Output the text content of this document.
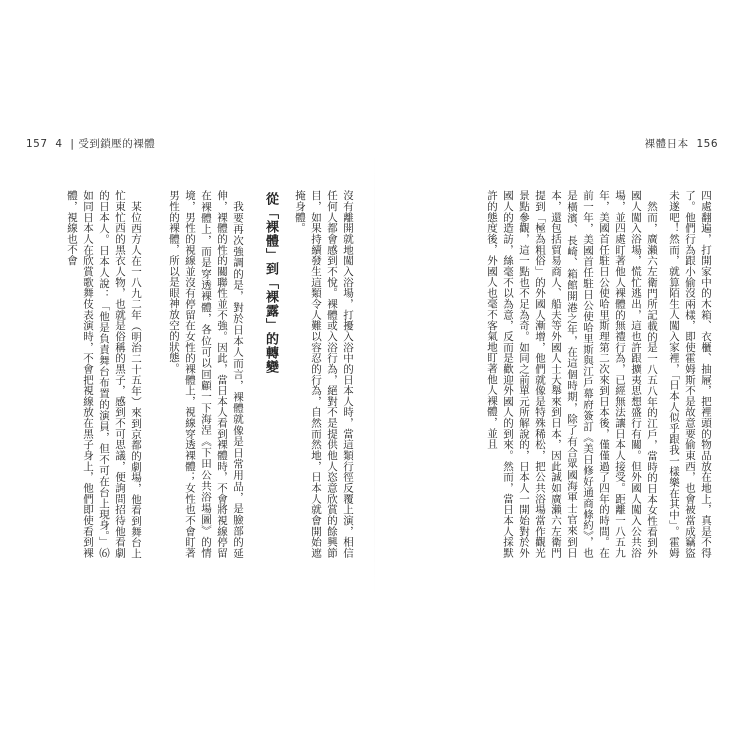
157 4 | 受到鎖壓的裸體	裸體日本 156
四處翻遍，打開家中的木箱、衣櫃、抽屜，把裡頭的物品放在地上，真是不得了。他們行為跟小偷沒兩樣，即使霍姆斯不是故意要偷東西，也會被當成竊盜未遂吧！然而，就算陌生人闖入家裡，「日本人似乎跟我一樣樂在其中」。霍姆
然而，廣瀨六左衛門所記載的是一八五八年的江戶，當時的日本女性看到外國人闖入浴場，慌忙逃出，這也許跟擴夷思想盛行有關。但外國人闖入公共浴場，並四處盯著他人裸體的無禮行為，已經無法讓日本人接受。距離一八五九年，美國首任駐日公使哈里斯理第二次來到日本後，僅僅過了四年的時間。在前一年，美國首任駐日公使哈里斯與江戶幕府簽訂《美日修好通商條約》，也是橫濱、長崎、箱館開港之年，在這個時期，除了有合眾國海軍士官來到日本，還包括貿易商人、船夫等外國人士大舉來到日本，因此誠如廣瀨六左衛門提到「極為粗俗」的外國人漸增，他們就像是特殊稀松，把公共浴場當作觀光景點參觀，這一點也不足為奇。如同之前單元所解說的，日本人一開始對於外國人的造訪，絲毫不以為意，反而是歡迎外國人的到來。然而，當日本人採默許的態度後，外國人也毫不客氣地盯著他人裸體，並且
沒有離開就地闖入浴場，打擾入浴中的日本人時，當這類行徑反覆上演，相信任何人都會感到不悅。裸體或入浴行為，絕對不是提供他人恣意欣賞的餘興節目，如果持續發生這類令人難以容忍的行為，自然而然地，日本人就會開始遮掩身體。
從「裸體」到「裸露」的轉變
我要再次強調的是，對於日本人而言，裸體就像是日常用品，是臉部的延伸，裸體的性的關聯性並不強。因此，當日本人看到裸體時，不會將視線停留在裸體上，而是穿透裸體，各位可以回顧一下海涅《下田公共浴場圖》的情境，男性的視線並沒有停留在女性的裸體上，視線穿透裸體；女性也不會盯著男性的裸體，所以是眼神放空的狀態。
某位西方人在一八九二年（明治二十五年）來到京都的劇場，他看到舞台上忙東忙西的黑衣人物，也就是俗稱的黑子，感到不可思議，便詢問招待他看劇的日本人。日本人說：「他是負責舞台布置的演員，但不可在台上現身。」⑹如同日本人在欣賞歌舞伎表演時，不會把視線放在黑子身上，他們即使看到裸體，視線也不會
